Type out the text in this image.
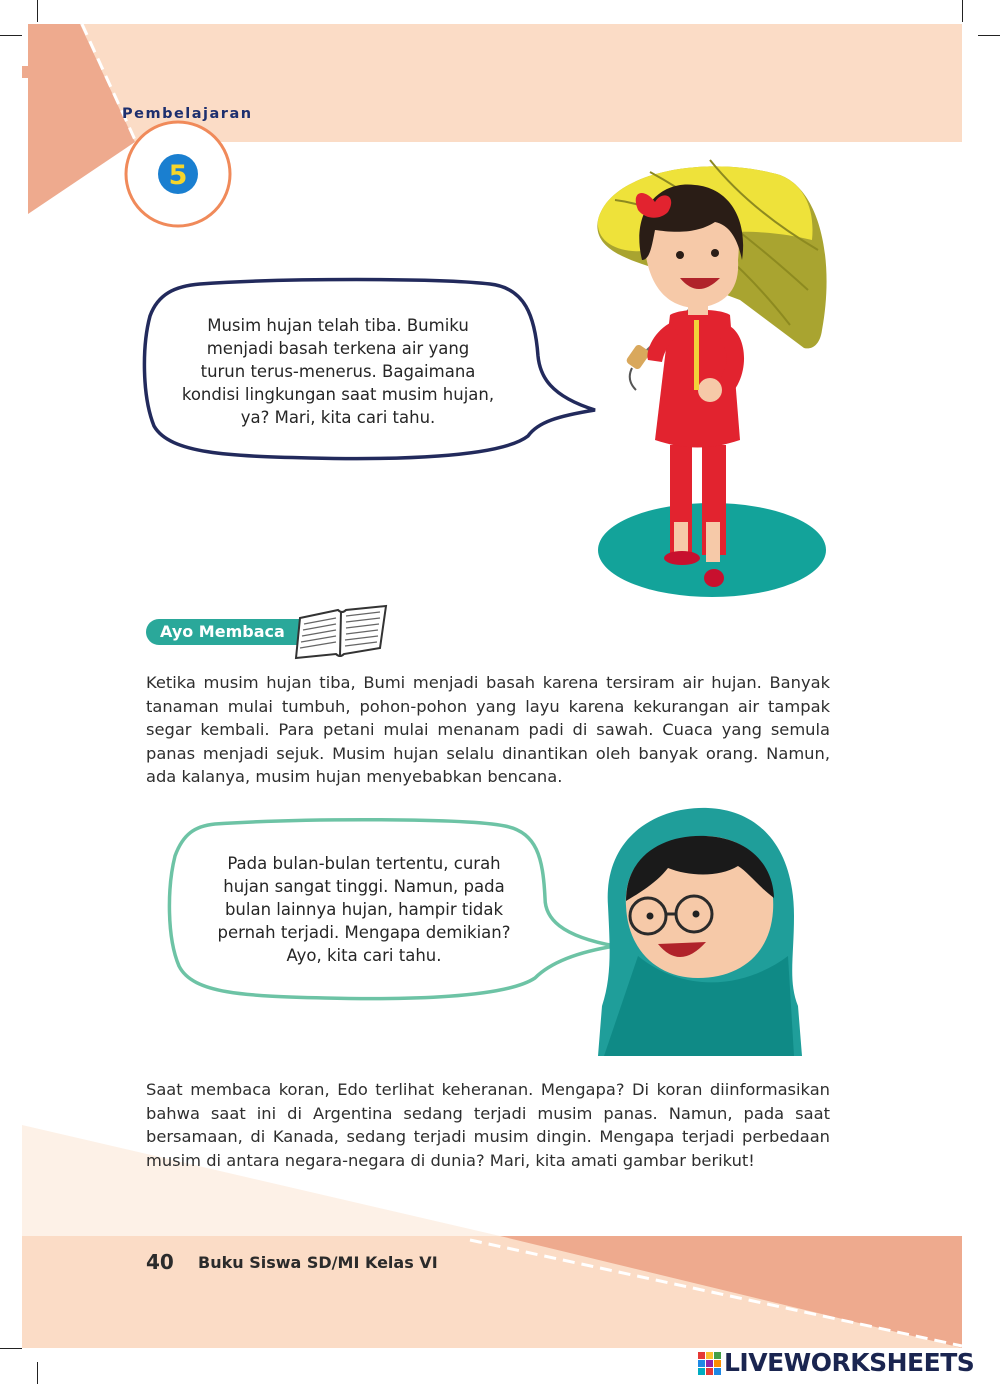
Pembelajaran
5
Musim hujan telah tiba. Bumiku
menjadi basah terkena air yang
turun terus-menerus. Bagaimana
kondisi lingkungan saat musim hujan,
ya? Mari, kita cari tahu.
Ayo Membaca
Ketika musim hujan tiba, Bumi menjadi basah karena tersiram air hujan. Banyak tanaman mulai tumbuh, pohon-pohon yang layu karena kekurangan air tampak segar kembali. Para petani mulai menanam padi di sawah. Cuaca yang semula panas menjadi sejuk. Musim hujan selalu dinantikan oleh banyak orang. Namun, ada kalanya, musim hujan menyebabkan bencana.
Pada bulan-bulan tertentu, curah
hujan sangat tinggi. Namun, pada
bulan lainnya hujan, hampir tidak
pernah terjadi. Mengapa demikian?
Ayo, kita cari tahu.
Saat membaca koran, Edo terlihat keheranan. Mengapa? Di koran diinformasikan bahwa saat ini di Argentina sedang terjadi musim panas. Namun, pada saat bersamaan, di Kanada, sedang terjadi musim dingin. Mengapa terjadi perbedaan musim di antara negara-negara di dunia? Mari, kita amati gambar berikut!
40 Buku Siswa SD/MI Kelas VI
LIVEWORKSHEETS
